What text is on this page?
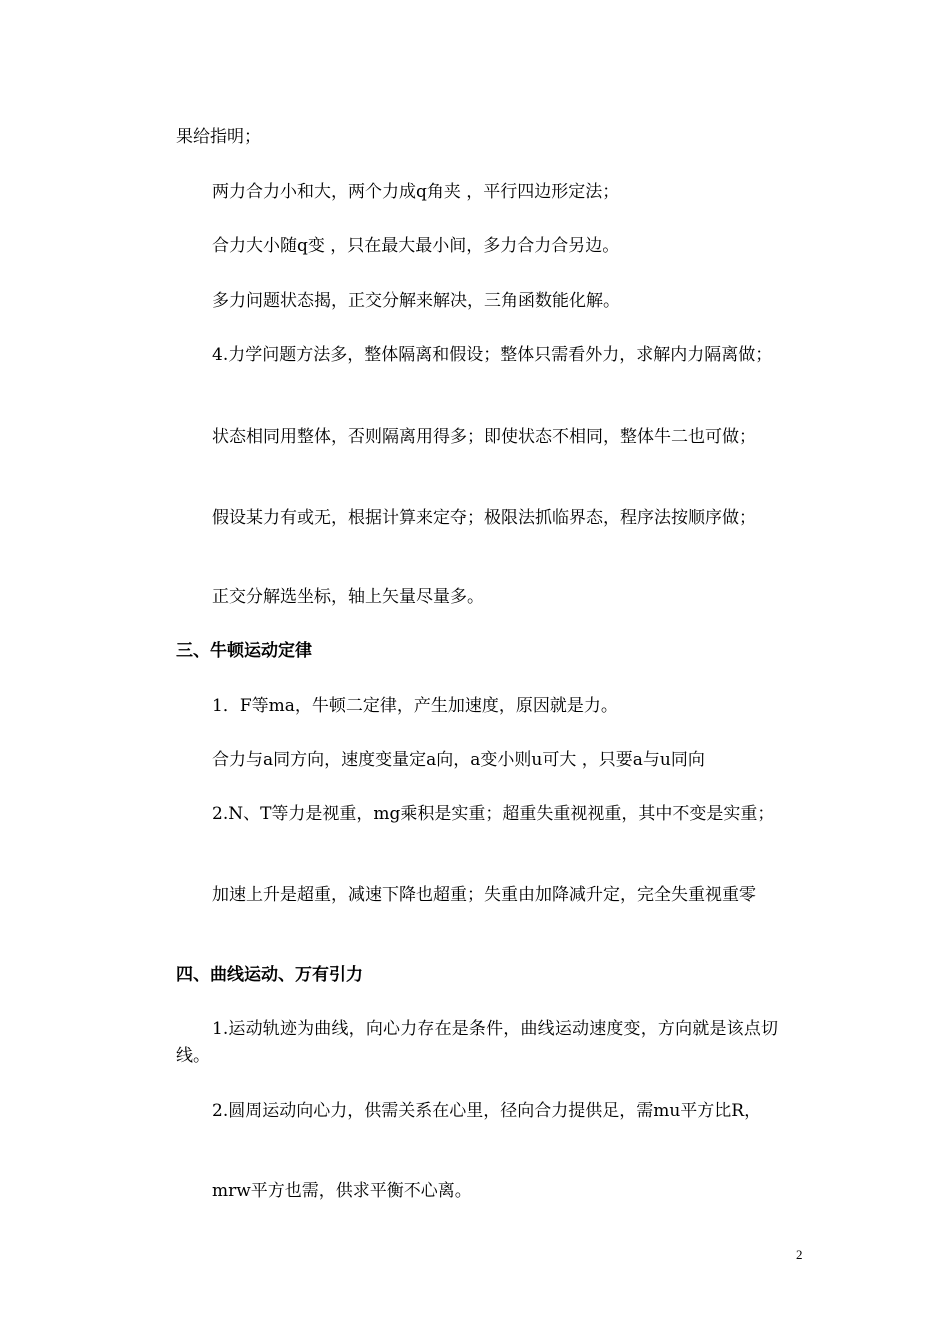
果给指明；

两力合力小和大，两个力成q角夹 ，平行四边形定法；

合力大小随q变 ，只在最大最小间，多力合力合另边。

多力问题状态揭，正交分解来解决，三角函数能化解。

4.力学问题方法多，整体隔离和假设；整体只需看外力，求解内力隔离做；

状态相同用整体，否则隔离用得多；即使状态不相同，整体牛二也可做；

假设某力有或无，根据计算来定夺；极限法抓临界态，程序法按顺序做；

正交分解选坐标，轴上矢量尽量多。

三、牛顿运动定律

1．F等ma，牛顿二定律，产生加速度，原因就是力。

合力与a同方向，速度变量定a向，a变小则u可大 ，只要a与u同向

2.N、T等力是视重，mg乘积是实重；超重失重视视重，其中不变是实重；

加速上升是超重，减速下降也超重；失重由加降减升定，完全失重视重零

四、曲线运动、万有引力

1.运动轨迹为曲线，向心力存在是条件，曲线运动速度变，方向就是该点切线。

2.圆周运动向心力，供需关系在心里，径向合力提供足，需mu平方比R，

mrw平方也需，供求平衡不心离。

2
